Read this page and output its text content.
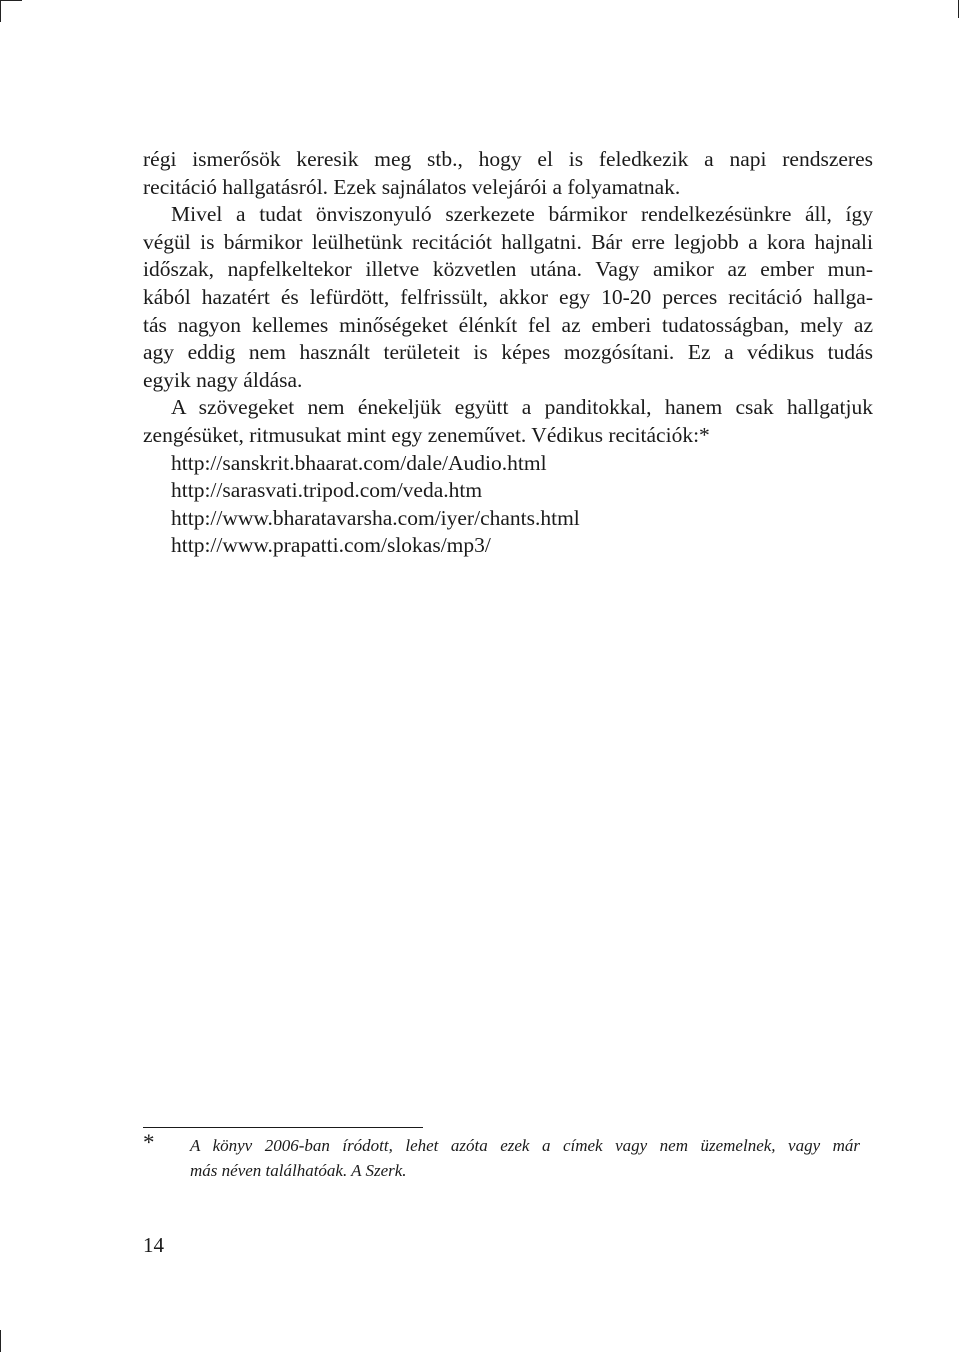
régi ismerősök keresik meg stb., hogy el is feledkezik a napi rendszeres
recitáció hallgatásról. Ezek sajnálatos velejárói a folyamatnak.
Mivel a tudat önviszonyuló szerkezete bármikor rendelkezésünkre áll, így
végül is bármikor leülhetünk recitációt hallgatni. Bár erre legjobb a kora hajnali
időszak, napfelkeltekor illetve közvetlen utána. Vagy amikor az ember mun-
kából hazatért és lefürdött, felfrissült, akkor egy 10-20 perces recitáció hallga-
tás nagyon kellemes minőségeket élénkít fel az emberi tudatosságban, mely az
agy eddig nem használt területeit is képes mozgósítani. Ez a védikus tudás
egyik nagy áldása.
A szövegeket nem énekeljük együtt a panditokkal, hanem csak hallgatjuk
zengésüket, ritmusukat mint egy zeneművet. Védikus recitációk:*
http://sanskrit.bhaarat.com/dale/Audio.html
http://sarasvati.tripod.com/veda.htm
http://www.bharatavarsha.com/iyer/chants.html
http://www.prapatti.com/slokas/mp3/
* A könyv 2006-ban íródott, lehet azóta ezek a címek vagy nem üzemelnek, vagy már
más néven találhatóak. A Szerk.
14
